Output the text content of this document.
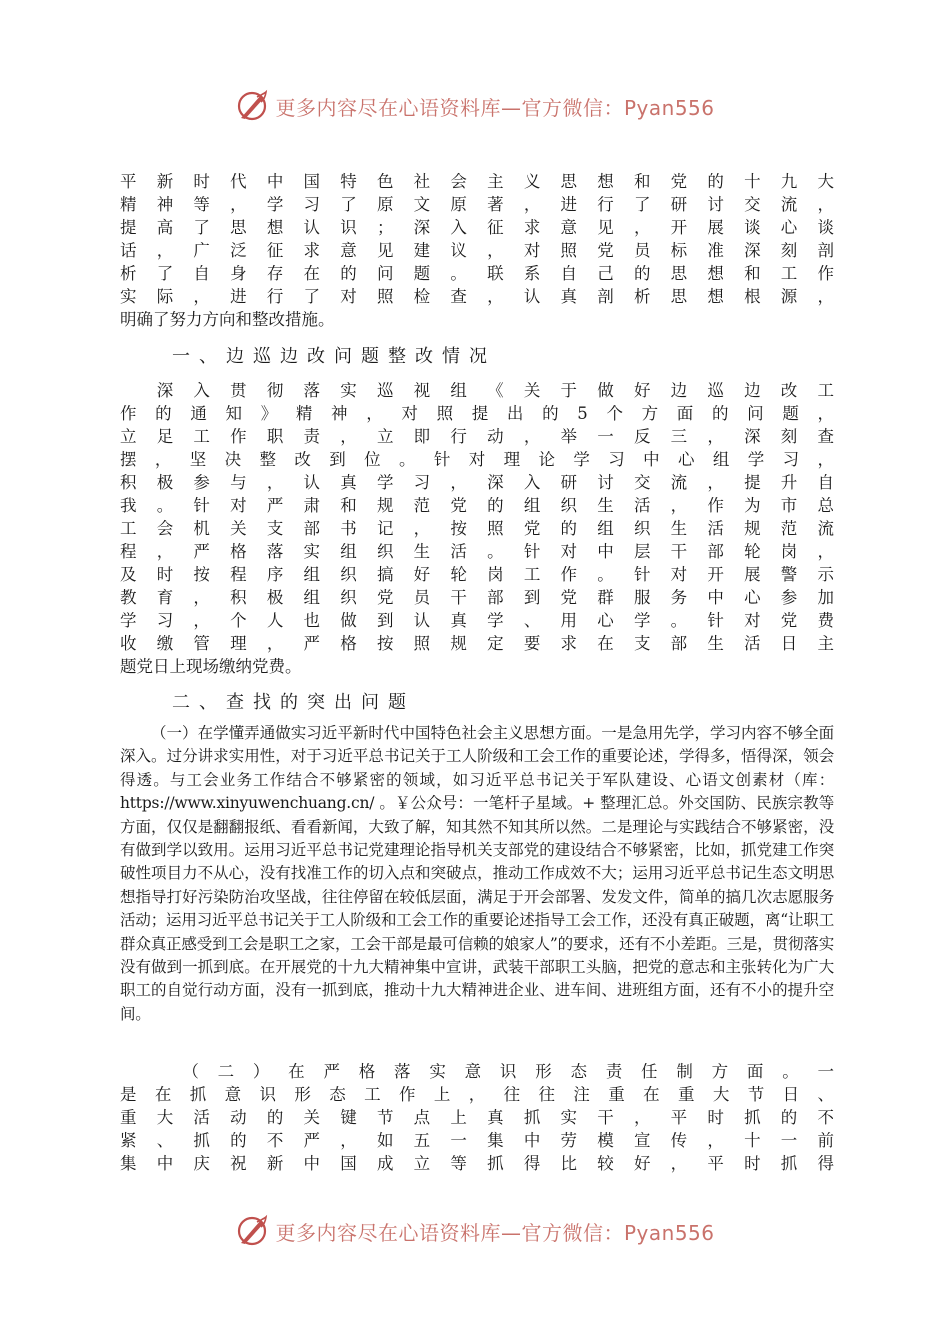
更多内容尽在心语资料库—官方微信：Pyan556

平新时代中国特色社会主义思想和党的十九大
精神等，学习了原文原著，进行了研讨交流，
提高了思想认识；深入征求意见，开展谈心谈
话，广泛征求意见建议，对照党员标准深刻剖
析了自身存在的问题。联系自己的思想和工作
实际，进行了对照检查，认真剖析思想根源，
明确了努力方向和整改措施。

一、边巡边改问题整改情况

　深入贯彻落实巡视组《关于做好边巡边改工
作的通知》精神，对照提出的5个方面的问题，
立足工作职责，立即行动，举一反三，深刻查
摆，坚决整改到位。针对理论学习中心组学习，
积极参与，认真学习，深入研讨交流，提升自
我。针对严肃和规范党的组织生活，作为市总
工会机关支部书记，按照党的组织生活规范流
程，严格落实组织生活。针对中层干部轮岗，
及时按程序组织搞好轮岗工作。针对开展警示
教育，积极组织党员干部到党群服务中心参加
学习，个人也做到认真学、用心学。针对党费
收缴管理，严格按照规定要求在支部生活日主
题党日上现场缴纳党费。

二、查找的突出问题

（一）在学懂弄通做实习近平新时代中国特色社会主义思想方面。一是急用先学，学习内容不够全面深入。过分讲求实用性，对于习近平总书记关于工人阶级和工会工作的重要论述，学得多，悟得深，领会得透。与工会业务工作结合不够紧密的领域，如习近平总书记关于军队建设、心语文创素材（库：https://www.xinyuwenchuang.cn/ 。￥公众号：一笔杆子星域。+ 整理汇总。外交国防、民族宗教等方面，仅仅是翻翻报纸、看看新闻，大致了解，知其然不知其所以然。二是理论与实践结合不够紧密，没有做到学以致用。运用习近平总书记党建理论指导机关支部党的建设结合不够紧密，比如，抓党建工作突破性项目力不从心，没有找准工作的切入点和突破点，推动工作成效不大；运用习近平总书记生态文明思想指导打好污染防治攻坚战，往往停留在较低层面，满足于开会部署、发发文件，简单的搞几次志愿服务活动；运用习近平总书记关于工人阶级和工会工作的重要论述指导工会工作，还没有真正破题，离“让职工群众真正感受到工会是职工之家，工会干部是最可信赖的娘家人”的要求，还有不小差距。三是，贯彻落实没有做到一抓到底。在开展党的十九大精神集中宣讲，武装干部职工头脑，把党的意志和主张转化为广大职工的自觉行动方面，没有一抓到底，推动十九大精神进企业、进车间、进班组方面，还有不小的提升空间。

　　（二）在严格落实意识形态责任制方面。一
是在抓意识形态工作上，往往注重在重大节日、
重大活动的关键节点上真抓实干，平时抓的不
紧、抓的不严，如五一集中劳模宣传，十一前
集中庆祝新中国成立等抓得比较好，平时抓得

更多内容尽在心语资料库—官方微信：Pyan556
